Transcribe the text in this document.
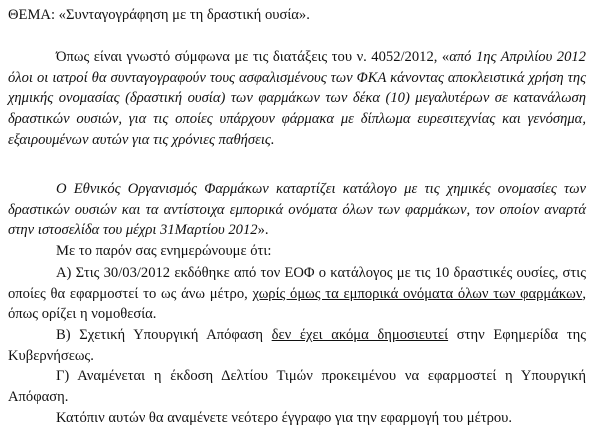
ΘΕΜΑ: «Συνταγογράφηση με τη δραστική ουσία».

Όπως είναι γνωστό σύμφωνα με τις διατάξεις του ν. 4052/2012, «από 1ης Απριλίου 2012 όλοι οι ιατροί θα συνταγογραφούν τους ασφαλισμένους των ΦΚΑ κάνοντας αποκλειστικά χρήση της χημικής ονομασίας (δραστική ουσία) των φαρμάκων των δέκα (10) μεγαλυτέρων σε κατανάλωση δραστικών ουσιών, για τις οποίες υπάρχουν φάρμακα με δίπλωμα ευρεσιτεχνίας και γενόσημα, εξαιρουμένων αυτών για τις χρόνιες παθήσεις.

Ο Εθνικός Οργανισμός Φαρμάκων καταρτίζει κατάλογο με τις χημικές ονομασίες των δραστικών ουσιών και τα αντίστοιχα εμπορικά ονόματα όλων των φαρμάκων, τον οποίον αναρτά στην ιστοσελίδα του μέχρι 31Μαρτίου 2012».

Με το παρόν σας ενημερώνουμε ότι:

Α) Στις 30/03/2012 εκδόθηκε από τον ΕΟΦ ο κατάλογος με τις 10 δραστικές ουσίες, στις οποίες θα εφαρμοστεί το ως άνω μέτρο, χωρίς όμως τα εμπορικά ονόματα όλων των φαρμάκων, όπως ορίζει η νομοθεσία.

Β) Σχετική Υπουργική Απόφαση δεν έχει ακόμα δημοσιευτεί στην Εφημερίδα της Κυβερνήσεως.

Γ) Αναμένεται η έκδοση Δελτίου Τιμών προκειμένου να εφαρμοστεί η Υπουργική Απόφαση.

Κατόπιν αυτών θα αναμένετε νεότερο έγγραφο για την εφαρμογή του μέτρου.
